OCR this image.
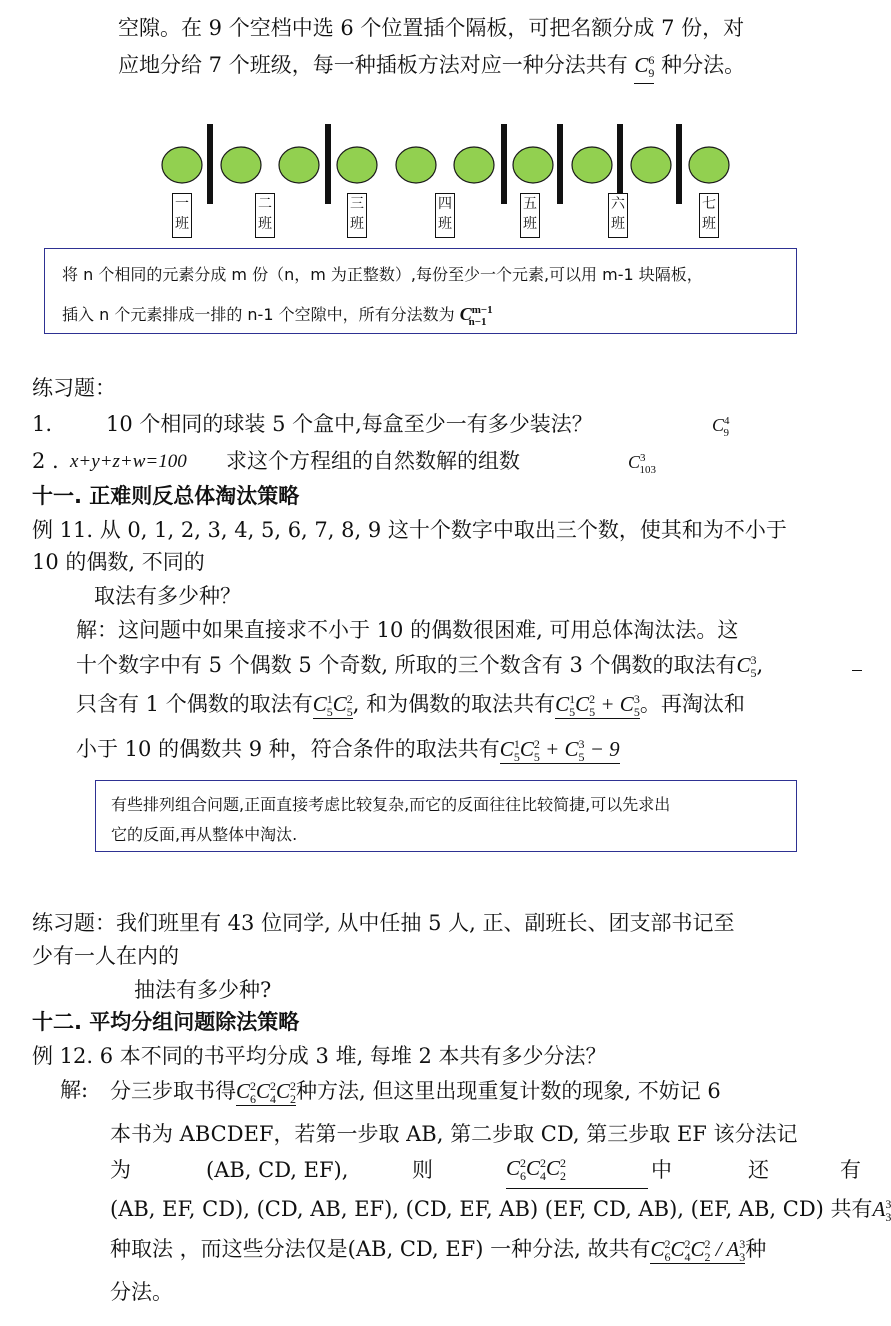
空隙。在 9 个空档中选 6 个位置插个隔板，可把名额分成 7 份，对
应地分给 7 个班级，每一种插板方法对应一种分法共有 $C^6_9$ 种分法。
一班
二班
三班
四班
五班
六班
七班
将 n 个相同的元素分成 m 份（n，m 为正整数）,每份至少一个元素,可以用 m-1 块隔板，
插入 n 个元素排成一排的 n-1 个空隙中，所有分法数为 $C^{m-1}_{n-1}$
练习题：
1.	10 个相同的球装 5 个盒中,每盒至少一有多少装法？	$C^4_9$
2 . x+y+z+w=100 求这个方程组的自然数解的组数	$C^3_{103}$
十一. 正难则反总体淘汰策略
例 11. 从 0, 1, 2, 3, 4, 5, 6, 7, 8, 9 这十个数字中取出三个数，使其和为不小于
10 的偶数, 不同的
取法有多少种？
解：这问题中如果直接求不小于 10 的偶数很困难, 可用总体淘汰法。这
十个数字中有 5 个偶数 5 个奇数, 所取的三个数含有 3 个偶数的取法有$C^3_5$,
只含有 1 个偶数的取法有$C^1_5C^2_5$, 和为偶数的取法共有$C^1_5C^2_5 + C^3_5$。再淘汰和
小于 10 的偶数共 9 种，符合条件的取法共有$C^1_5C^2_5 + C^3_5 - 9$
有些排列组合问题,正面直接考虑比较复杂,而它的反面往往比较简捷,可以先求出
它的反面,再从整体中淘汰.
练习题：我们班里有 43 位同学, 从中任抽 5 人, 正、副班长、团支部书记至
少有一人在内的
抽法有多少种?
十二. 平均分组问题除法策略
例 12. 6 本不同的书平均分成 3 堆, 每堆 2 本共有多少分法？
解: 分三步取书得$C^2_6C^2_4C^2_2$种方法, 但这里出现重复计数的现象, 不妨记 6
本书为 ABCDEF，若第一步取 AB, 第二步取 CD, 第三步取 EF 该分法记
为	(AB, CD, EF),	则	$C^2_6C^2_4C^2_2$	中	还	有
(AB, EF, CD), (CD, AB, EF), (CD, EF, AB) (EF, CD, AB), (EF, AB, CD) 共有$A^3_3$
种取法 ，而这些分法仅是(AB, CD, EF) 一种分法, 故共有$C^2_6C^2_4C^2_2 / A^3_3$种
分法。
